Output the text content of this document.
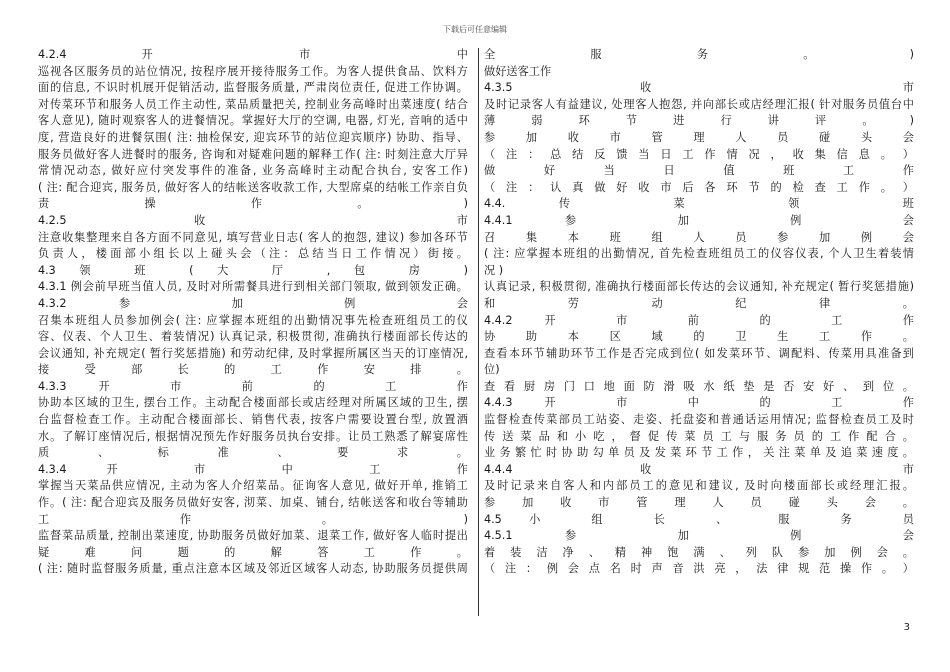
下载后可任意编辑
4.2.4 开 市 中
巡视各区服务员的站位情况, 按程序展开接待服务工作。为客人提供食品、饮料方
面的信息, 不识时机展开促销活动, 监督服务质量, 严肃岗位责任, 促进工作协调。
对传菜环节和服务人员工作主动性, 菜品质量把关, 控制业务高峰时出菜速度( 结合
客人意见), 随时观察客人的进餐情况。掌握好大厅的空调, 电器, 灯光, 音响的适中
度, 营造良好的进餐氛围( 注: 抽检保安, 迎宾环节的站位迎宾顺序) 协助、指导、
服务员做好客人进餐时的服务, 咨询和对疑难问题的解释工作( 注: 时刻注意大厅异
常情况动态, 做好应付突发事件的准备, 业务高峰时主动配合执台, 安客工作)
( 注: 配合迎宾, 服务员, 做好客人的结帐送客收款工作, 大型席桌的结帐工作亲自负
责 操 作 。 )
4.2.5 收 市
注意收集整理来自各方面不同意见, 填写营业日志( 客人的抱怨, 建议) 参加各环节
负责人，楼面部小组长以上碰头会（注：总结当日工作情况）街接。
4.3 领 班 ( 大 厅 , 包 房 )
4.3.1 例会前早班当值人员, 及时对所需餐具进行到相关部门领取, 做到领发正确。
4.3.2 参 加 例 会
召集本班组人员参加例会( 注: 应掌握本班组的出勤情况事先检查班组员工的仪
容、仪表、个人卫生、着装情况) 认真记录, 积极贯彻, 准确执行楼面部长传达的
会议通知, 补充规定( 暂行奖惩措施) 和劳动纪律, 及时掌握所属区当天的订座情况,
接 受 部 长 的 工 作 安 排 。
4.3.3 开 市 前 的 工 作
协助本区域的卫生, 摆台工作。主动配合楼面部长或店经理对所属区域的卫生, 摆
台监督检查工作。主动配合楼面部长、销售代表, 按客户需要设置台型, 放置酒
水。了解订座情况后, 根据情况预先作好服务员执台安排。让员工熟悉了解宴席性
质 、 标 准 、 要 求 。
4.3.4 开 市 中 工 作
掌握当天菜品供应情况, 主动为客人介绍菜品。征询客人意见, 做好开单, 推销工
作。( 注: 配合迎宾及服务员做好安客, 沏菜、加桌、铺台, 结帐送客和收台等辅助
工 作 。 )
监督菜品质量, 控制出菜速度, 协助服务员做好加菜、退菜工作, 做好客人临时提出
疑 难 问 题 的 解 答 工 作 。
( 注: 随时监督服务质量, 重点注意本区域及邻近区域客人动态, 协助服务员提供周
全 服 务 。 )
做好送客工作
4.3.5 收 市
及时记录客人有益建议, 处理客人抱怨, 并向部长或店经理汇报( 针对服务员值台中
薄 弱 环 节 进 行 讲 评 。 )
参 加 收 市 管 理 人 员 碰 头 会
（ 注 ： 总 结 反 馈 当 日 工 作 情 况 ， 收 集 信 息 。 ）
做 好 当 日 值 班 工 作
（ 注 ： 认 真 做 好 收 市 后 各 环 节 的 检 查 工 作 。 ）
4.4. 传 菜 领 班
4.4.1 参 加 例 会
召 集 本 班 组 人 员 参 加 例 会
( 注: 应掌握本班组的出勤情况, 首先检查班组员工的仪容仪表, 个人卫生着装情
况 )
认真记录, 积极贯彻, 准确执行楼面部长传达的会议通知, 补充规定( 暂行奖惩措施)
和 劳 动 纪 律 。
4.4.2 开 市 前 的 工 作
协 助 本 区 域 的 卫 生 工 作 。
查看本环节辅助环节工作是否完成到位( 如发菜环节、调配料、传菜用具准备到
位)
查 看 厨 房 门 口 地 面 防 滑 吸 水 纸 垫 是 否 安 好 、 到 位 。
4.4.3 开 市 中 的 工 作
监督检查传菜部员工站姿、走姿、托盘姿和普通话运用情况; 监督检查员工及时
传 送 菜 品 和 小 吃 ， 督 促 传 菜 员 工 与 服 务 员 的 工 作 配 合 。
业 务 繁 忙 时 协 助 勾 单 员 及 发 菜 环 节 工 作 ， 关 注 菜 单 及 追 菜 速 度 。
4.4.4 收 市
及时记录来自客人和内部员工的意见和建议, 及时向楼面部长或经理汇报。
参 加 收 市 管 理 人 员 碰 头 会 。
4.5 小 组 长 、 服 务 员
4.5.1 参 加 例 会
着 装 洁 净 、 精 神 饱 满 、 列 队 参 加 例 会 。
（ 注 ： 例 会 点 名 时 声 音 洪 亮 ， 法 律 规 范 操 作 。 ）
3
